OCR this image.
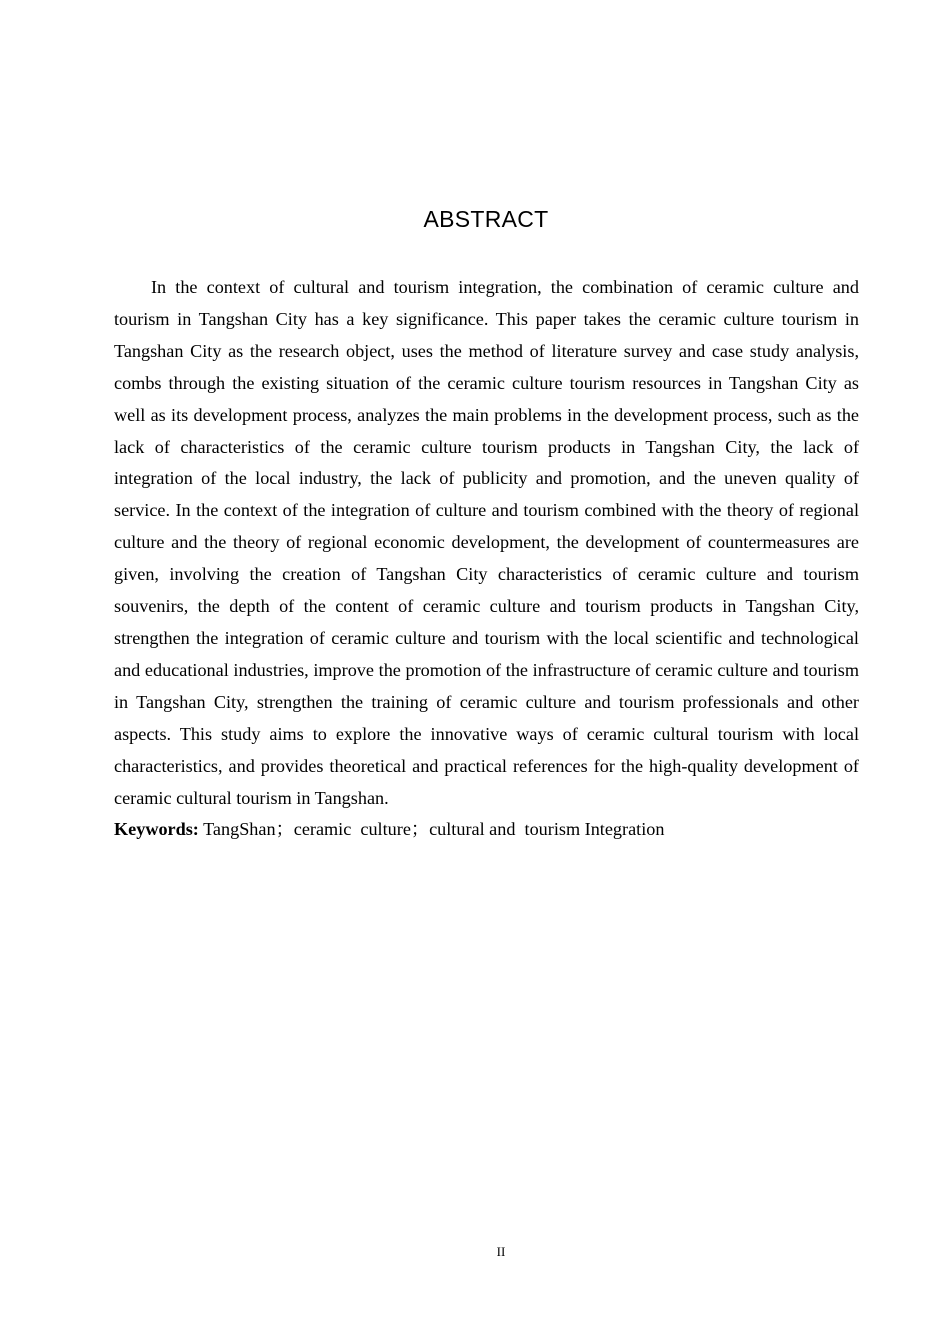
ABSTRACT

In the context of cultural and tourism integration, the combination of ceramic culture and tourism in Tangshan City has a key significance. This paper takes the ceramic culture tourism in Tangshan City as the research object, uses the method of literature survey and case study analysis, combs through the existing situation of the ceramic culture tourism resources in Tangshan City as well as its development process, analyzes the main problems in the development process, such as the lack of characteristics of the ceramic culture tourism products in Tangshan City, the lack of integration of the local industry, the lack of publicity and promotion, and the uneven quality of service. In the context of the integration of culture and tourism combined with the theory of regional culture and the theory of regional economic development, the development of countermeasures are given, involving the creation of Tangshan City characteristics of ceramic culture and tourism souvenirs, the depth of the content of ceramic culture and tourism products in Tangshan City, strengthen the integration of ceramic culture and tourism with the local scientific and technological and educational industries, improve the promotion of the infrastructure of ceramic culture and tourism in Tangshan City, strengthen the training of ceramic culture and tourism professionals and other aspects. This study aims to explore the innovative ways of ceramic cultural tourism with local characteristics, and provides theoretical and practical references for the high-quality development of ceramic cultural tourism in Tangshan.

Keywords: TangShan；ceramic  culture；cultural and  tourism Integration

II
